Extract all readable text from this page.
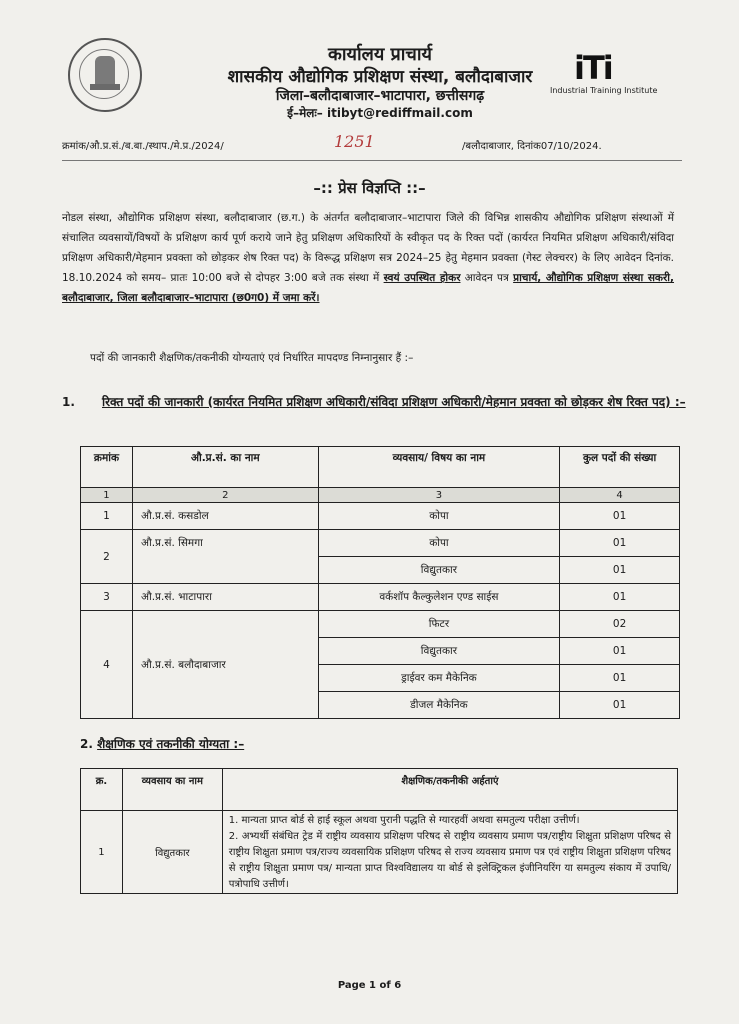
कार्यालय प्राचार्य
शासकीय औद्योगिक प्रशिक्षण संस्था, बलौदाबाजार
जिला–बलौदाबाजार–भाटापारा, छत्तीसगढ़
ई–मेलः– itibyt@rediffmail.com
iTi
Industrial Training Institute
क्रमांक/औ.प्र.सं./ब.बा./स्थाप./मे.प्र./2024/	1251	/बलौदाबाजार, दिनांक07/10/2024.
–:: प्रेस विज्ञप्ति ::–
नोडल संस्था, औद्योगिक प्रशिक्षण संस्था, बलौदाबाजार (छ.ग.) के अंतर्गत बलौदाबाजार–भाटापारा जिले की विभिन्न शासकीय औद्योगिक प्रशिक्षण संस्थाओं में संचालित व्यवसायों/विषयों के प्रशिक्षण कार्य पूर्ण कराये जाने हेतु प्रशिक्षण अधिकारियों के स्वीकृत पद के रिक्त पदों (कार्यरत नियमित प्रशिक्षण अधिकारी/संविदा प्रशिक्षण अधिकारी/मेहमान प्रवक्ता को छोड़कर शेष रिक्त पद) के विरूद्ध प्रशिक्षण सत्र 2024–25 हेतु मेहमान प्रवक्ता (गेस्ट लेक्चरर) के लिए आवेदन दिनांक. 18.10.2024 को समय– प्रातः 10:00 बजे से दोपहर 3:00 बजे तक संस्था में स्वयं उपस्थित होकर आवेदन पत्र प्राचार्य, औद्योगिक प्रशिक्षण संस्था सकरी, बलौदाबाजार, जिला बलौदाबाजार–भाटापारा (छ0ग0) में जमा करें।
पदों की जानकारी शैक्षणिक/तकनीकी योग्यताएं एवं निर्धारित मापदण्ड निम्नानुसार हैं :–
1. रिक्त पदों की जानकारी (कार्यरत नियमित प्रशिक्षण अधिकारी/संविदा प्रशिक्षण अधिकारी/मेहमान प्रवक्ता को छोड़कर शेष रिक्त पद) :–
क्रमांक	औ.प्र.सं. का नाम	व्यवसाय/ विषय का नाम	कुल पदों की संख्या
1	2	3	4
1	औ.प्र.सं. कसडोल	कोपा	01
2	औ.प्र.सं. सिमगा	कोपा	01
		विद्युतकार	01
3	औ.प्र.सं. भाटापारा	वर्कशॉप कैल्कुलेशन एण्ड साईस	01
4	औ.प्र.सं. बलौदाबाजार	फिटर	02
		विद्युतकार	01
		ड्राईवर कम मैकेनिक	01
		डीजल मैकेनिक	01
2. शैक्षणिक एवं तकनीकी योग्यता :–
क्र.	व्यवसाय का नाम	शैक्षणिक/तकनीकी अर्हताएं
1	विद्युतकार	1. मान्यता प्राप्त बोर्ड से हाई स्कूल अथवा पुरानी पद्धति से ग्यारहवीं अथवा समतुल्य परीक्षा उत्तीर्ण।
2. अभ्यर्थी संबंधित ट्रेड में राष्ट्रीय व्यवसाय प्रशिक्षण परिषद से राष्ट्रीय व्यवसाय प्रमाण पत्र/राष्ट्रीय शिक्षुता प्रशिक्षण परिषद से राष्ट्रीय शिक्षुता प्रमाण पत्र/राज्य व्यवसायिक प्रशिक्षण परिषद से राज्य व्यवसाय प्रमाण पत्र एवं राष्ट्रीय शिक्षुता प्रशिक्षण परिषद से राष्ट्रीय शिक्षुता प्रमाण पत्र/ मान्यता प्राप्त विश्वविद्यालय या बोर्ड से इलेक्ट्रिकल इंजीनियरिंग या समतुल्य संकाय में उपाधि/पत्रोपाधि उत्तीर्ण।
Page 1 of 6
